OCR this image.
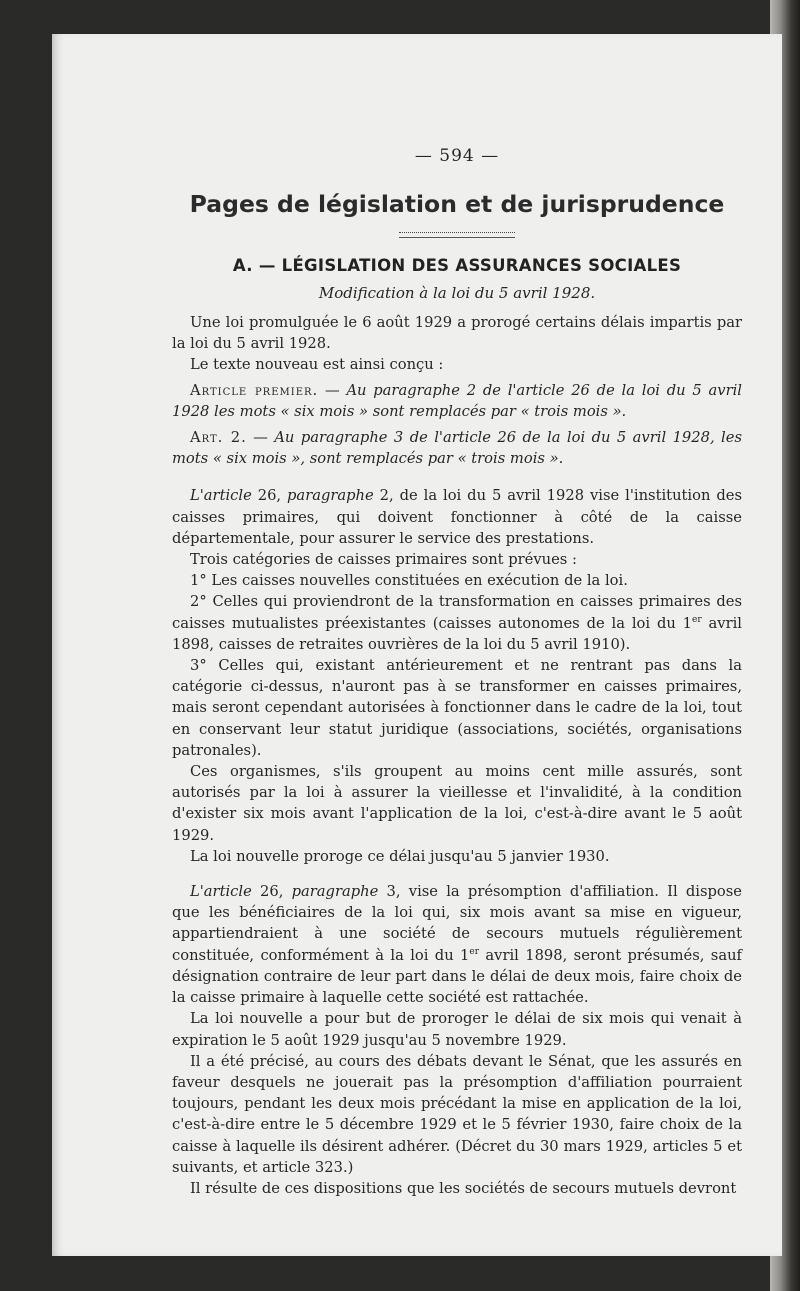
— 594 —
Pages de législation et de jurisprudence
A. — LÉGISLATION DES ASSURANCES SOCIALES
Modification à la loi du 5 avril 1928.

Une loi promulguée le 6 août 1929 a prorogé certains délais impartis par la loi du 5 avril 1928.

Le texte nouveau est ainsi conçu :

Article premier. — Au paragraphe 2 de l'article 26 de la loi du 5 avril 1928 les mots « six mois » sont remplacés par « trois mois ».

Art. 2. — Au paragraphe 3 de l'article 26 de la loi du 5 avril 1928, les mots « six mois », sont remplacés par « trois mois ».

L'article 26, paragraphe 2, de la loi du 5 avril 1928 vise l'institution des caisses primaires, qui doivent fonctionner à côté de la caisse départementale, pour assurer le service des prestations.

Trois catégories de caisses primaires sont prévues :

1° Les caisses nouvelles constituées en exécution de la loi.

2° Celles qui proviendront de la transformation en caisses primaires des caisses mutualistes préexistantes (caisses autonomes de la loi du 1er avril 1898, caisses de retraites ouvrières de la loi du 5 avril 1910).

3° Celles qui, existant antérieurement et ne rentrant pas dans la catégorie ci-dessus, n'auront pas à se transformer en caisses primaires, mais seront cependant autorisées à fonctionner dans le cadre de la loi, tout en conservant leur statut juridique (associations, sociétés, organisations patronales).

Ces organismes, s'ils groupent au moins cent mille assurés, sont autorisés par la loi à assurer la vieillesse et l'invalidité, à la condition d'exister six mois avant l'application de la loi, c'est-à-dire avant le 5 août 1929.

La loi nouvelle proroge ce délai jusqu'au 5 janvier 1930.

L'article 26, paragraphe 3, vise la présomption d'affiliation. Il dispose que les bénéficiaires de la loi qui, six mois avant sa mise en vigueur, appartiendraient à une société de secours mutuels régulièrement constituée, conformément à la loi du 1er avril 1898, seront présumés, sauf désignation contraire de leur part dans le délai de deux mois, faire choix de la caisse primaire à laquelle cette société est rattachée.

La loi nouvelle a pour but de proroger le délai de six mois qui venait à expiration le 5 août 1929 jusqu'au 5 novembre 1929.

Il a été précisé, au cours des débats devant le Sénat, que les assurés en faveur desquels ne jouerait pas la présomption d'affiliation pourraient toujours, pendant les deux mois précédant la mise en application de la loi, c'est-à-dire entre le 5 décembre 1929 et le 5 février 1930, faire choix de la caisse à laquelle ils désirent adhérer. (Décret du 30 mars 1929, articles 5 et suivants, et article 323.)

Il résulte de ces dispositions que les sociétés de secours mutuels devront
